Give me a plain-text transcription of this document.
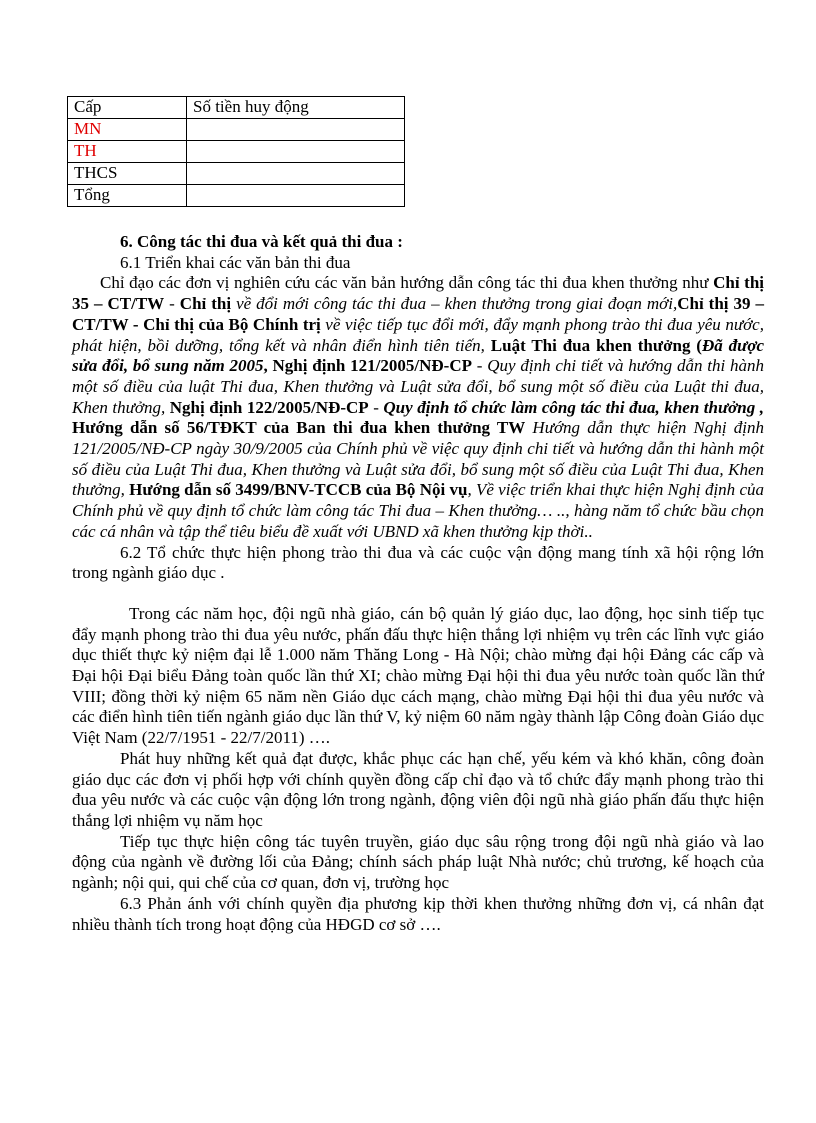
Cấp	Số tiền huy động
MN	
TH	
THCS	
Tổng	

6. Công tác thi đua và kết quả thi đua :

6.1 Triển khai các văn bản thi đua

Chỉ đạo các đơn vị nghiên cứu các văn bản hướng dẫn công tác thi đua khen thưởng như Chỉ thị 35 – CT/TW - Chỉ thị về đổi mới công tác thi đua – khen thưởng trong giai đoạn mới,Chỉ thị 39 – CT/TW - Chỉ thị của Bộ Chính trị về việc tiếp tục đổi mới, đẩy mạnh phong trào thi đua yêu nước, phát hiện, bồi dưỡng, tổng kết và nhân điển hình tiên tiến, Luật Thi đua khen thưởng (Đã được sửa đổi, bổ sung năm 2005, Nghị định 121/2005/NĐ-CP - Quy định chi tiết và hướng dẫn thi hành một số điều của luật Thi đua, Khen thưởng và Luật sửa đổi, bổ sung một số điều của Luật thi đua, Khen thưởng, Nghị định 122/2005/NĐ-CP - Quy định tổ chức làm công tác thi đua, khen thưởng , Hướng dẫn số 56/TĐKT của Ban thi đua khen thưởng TW Hướng dẫn thực hiện Nghị định 121/2005/NĐ-CP ngày 30/9/2005 của Chính phủ về việc quy định chi tiết và hướng dẫn thi hành một số điều của Luật Thi đua, Khen thưởng và Luật sửa đổi, bổ sung một số điều của Luật Thi đua, Khen thưởng, Hướng dẫn số 3499/BNV-TCCB của Bộ Nội vụ, Về việc triển khai thực hiện Nghị định của Chính phủ về quy định tổ chức làm công tác Thi đua – Khen thưởng… .., hàng năm tổ chức bầu chọn các cá nhân và tập thể tiêu biểu đề xuất với UBND xã khen thưởng kịp thời..

6.2 Tổ chức thực hiện phong trào thi đua và các cuộc vận động mang tính xã hội rộng lớn trong ngành giáo dục .

Trong các năm học, đội ngũ nhà giáo, cán bộ quản lý giáo dục, lao động, học sinh tiếp tục đẩy mạnh phong trào thi đua yêu nước, phấn đấu thực hiện thắng lợi nhiệm vụ trên các lĩnh vực giáo dục thiết thực kỷ niệm đại lễ 1.000 năm Thăng Long - Hà Nội; chào mừng đại hội Đảng các cấp và Đại hội Đại biểu Đảng toàn quốc lần thứ XI; chào mừng Đại hội thi đua yêu nước toàn quốc lần thứ VIII; đồng thời kỷ niệm 65 năm nền Giáo dục cách mạng, chào mừng Đại hội thi đua yêu nước và các điển hình tiên tiến ngành giáo dục lần thứ V, kỷ niệm 60 năm ngày thành lập Công đoàn Giáo dục Việt Nam (22/7/1951 - 22/7/2011) ….

Phát huy những kết quả đạt được, khắc phục các hạn chế, yếu kém và khó khăn, công đoàn giáo dục các đơn vị phối hợp với chính quyền đồng cấp chỉ đạo và tổ chức đẩy mạnh phong trào thi đua yêu nước và các cuộc vận động lớn trong ngành, động viên đội ngũ nhà giáo phấn đấu thực hiện thắng lợi nhiệm vụ năm học

Tiếp tục thực hiện công tác tuyên truyền, giáo dục sâu rộng trong đội ngũ nhà giáo và lao động của ngành về đường lối của Đảng; chính sách pháp luật Nhà nước; chủ trương, kế hoạch của ngành; nội qui, qui chế của cơ quan, đơn vị, trường học

6.3 Phản ánh với chính quyền địa phương kịp thời khen thưởng những đơn vị, cá nhân đạt nhiều thành tích trong hoạt động của HĐGD cơ sở ….
